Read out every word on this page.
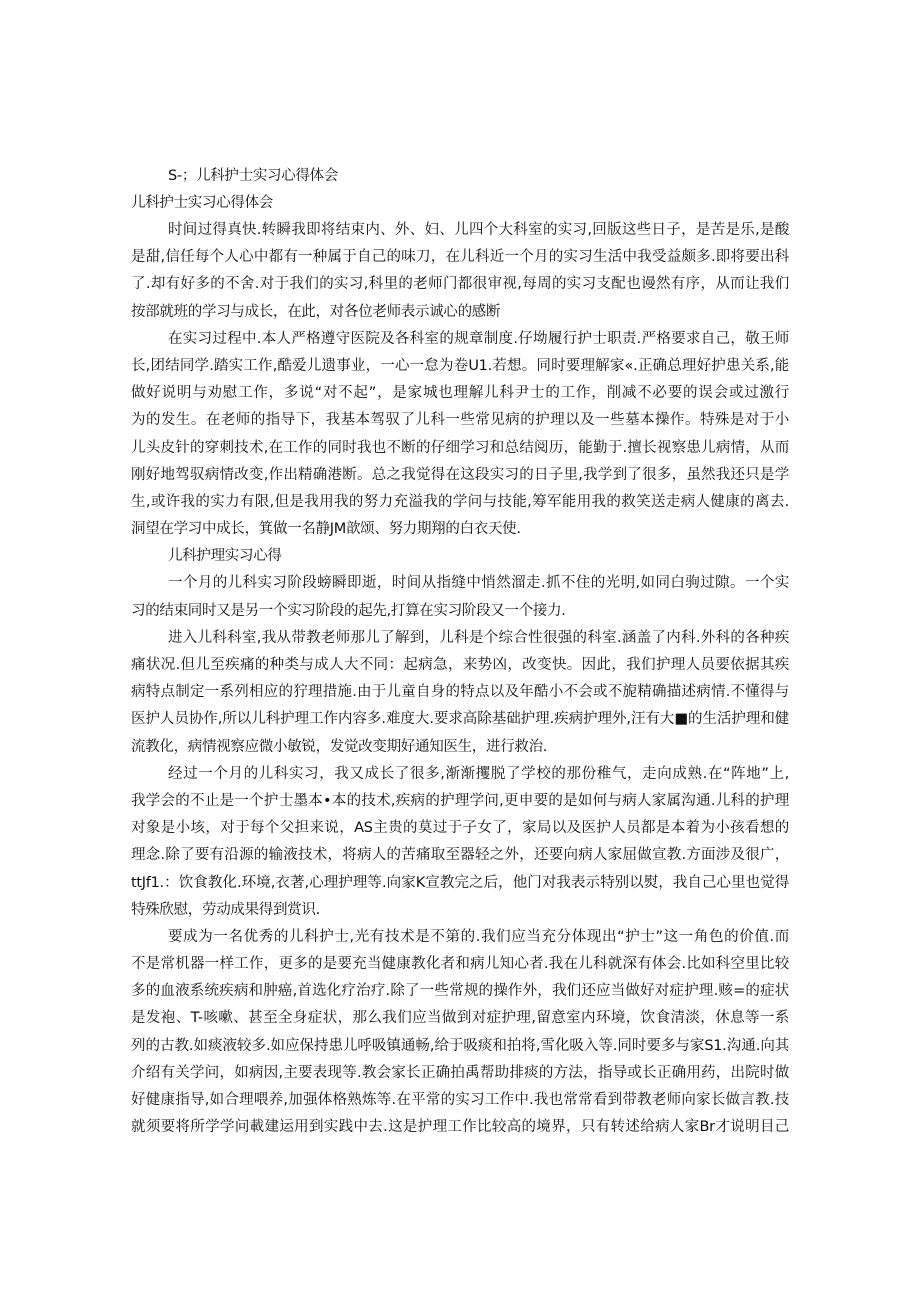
S-；儿科护士实习心得体会
儿科护士实习心得体会
时间过得真快.转瞬我即将结束内、外、妇、儿四个大科室的实习,回版这些日子，是苦是乐,是酸
是甜,信任每个人心中都有一种属于自己的味刀，在儿科近一个月的实习生活中我受益颇多.即将要出科
了.却有好多的不舍.对于我们的实习,科里的老师门都很审视,每周的实习支配也谩然有序，从而让我们
按部就班的学习与成长，在此，对各位老师表示诚心的感断
在实习过程中.本人严格遵守医院及各科室的规章制度.仔坳履行护士职责.严格要求自己，敬王师
长,团结同学.踏实工作,酷爱儿遗事业，一心一怠为卷U1.若想。同时要理解家«.正确总理好护患关系,能
做好说明与劝慰工作，多说“对不起”，是家城也理解儿科尹士的工作，削减不必要的误会或过激行
为的发生。在老师的指导下，我基本驾驭了儿科一些常见病的护理以及一些墓本操作。特殊是对于小
儿头皮针的穿刺技术,在工作的同时我也不断的仔细学习和总结阅历，能勤于.擅长视察患儿病情，从而
刚好地驾驭病情改变,作出精确港断。总之我觉得在这段实习的日子里,我学到了很多，虽然我还只是学
生,或许我的实力有限,但是我用我的努力充溢我的学问与技能,筹军能用我的救笑送走病人健康的离去.
洞望在学习中成长，箕做一名静JM歆颂、努力期翔的白衣天使.
儿科护理实习心得
一个月的儿科实习阶段螃瞬即逝，时间从指缝中悄然溜走.抓不住的光明,如同白驹过隙。一个实
习的结束同时又是另一个实习阶段的起先,打算在实习阶段又一个接力.
进入儿科科室,我从带教老师那儿了解到，儿科是个综合性很强的科室.涵盖了内科.外科的各种疾
痛状况.但儿至疾痛的种类与成人大不同：起病急，来势凶，改变快。因此，我们护理人员要依据其疾
病特点制定一系列相应的狞理措施.由于儿童自身的特点以及年酷小不会或不旎精确描述病情.不懂得与
医护人员协作,所以儿科护理工作内容多.难度大.要求高除基础护理.疾病护理外,汪有大■的生活护理和健
流教化，病情视察应微小敏锐，发觉改变期好通知医生，进行救治.
经过一个月的儿科实习，我又成长了很多,渐渐攫脱了学校的那份稚气，走向成熟.在“阵地”上,
我学会的不止是一个护士墨本•本的技术,疾病的护理学问,更申要的是如何与病人家属沟通.儿科的护理
对象是小垓，对于每个父担来说，AS主贵的莫过于子女了，家局以及医护人员都是本着为小孩看想的
理念.除了要有沿源的输液技术，将病人的苦痛取至器轻之外，还要向病人家屈做宣教.方面涉及很广，
ttJf1.：饮食教化.环境,衣著,心理护理等.向家K宣教完之后，他门对我表示特别以熨，我自己心里也觉得
特殊欣慰，劳动成果得到赏识.
要成为一名优秀的儿科护士,光有技术是不第的.我们应当充分体现出“护士”这一角色的价值.而
不是常机器一样工作，更多的是要充当健康教化者和病儿知心者.我在儿科就深有体会.比如科空里比较
多的血液系统疾病和肿癌,首选化疗治疗.除了一些常规的操作外，我们还应当做好对症护理.赅=的症状
是发袍、T-咳嗽、甚至全身症状，那么我们应当做到对症护理,留意室内环境，饮食清淡，休息等一系
列的古教.如痰液较多.如应保持患儿呼吸镇通畅,给于吸痰和拍将,雪化吸入等.同时要多与家S1.沟通.向其
介绍有关学问，如病因,主要表现等.教会家长正确拍禹帮助排痰的方法，指导或长正确用药，出院时做
好健康指导,如合理喂养,加强体格熟炼等.在平常的实习工作中.我也常常看到带教老师向家长做言教.技
就须要将所学学问載建运用到实践中去.这是护理工作比较高的境界，只有转述给病人家Br才说明目己
